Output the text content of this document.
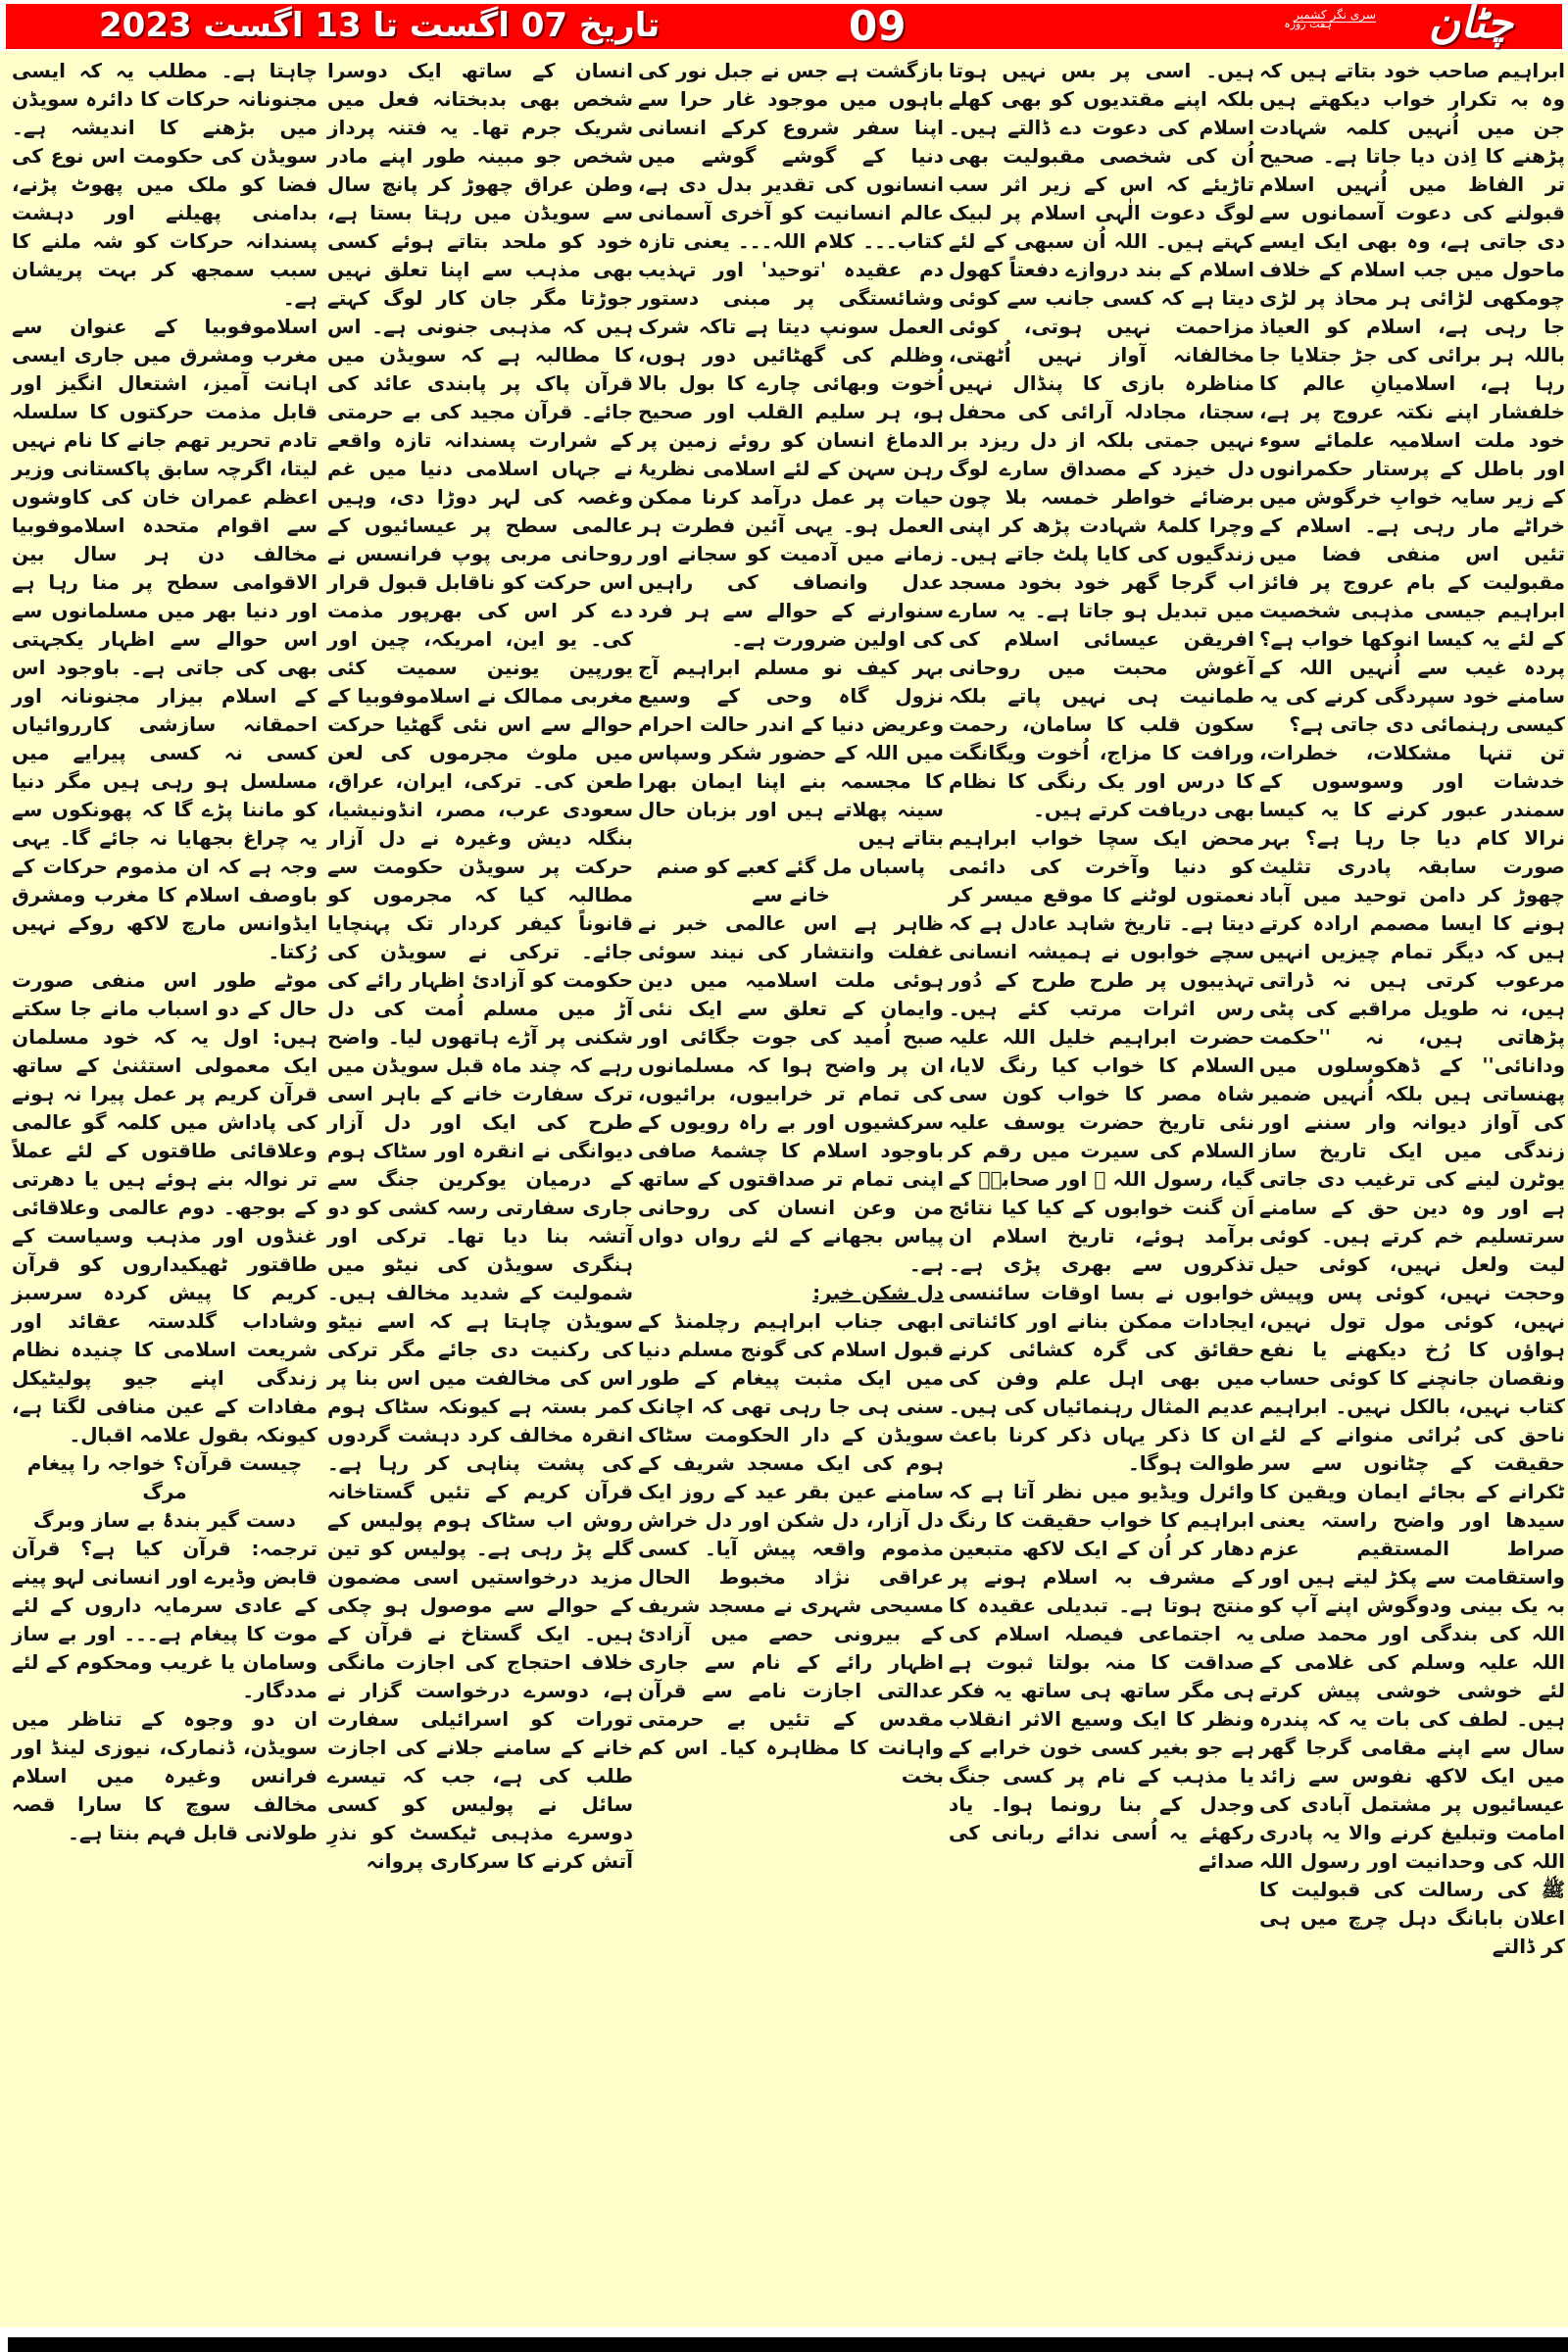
تاریخ 07 اگست تا 13 اگست 2023	09	چٹان
ہفت روزہ
سری نگر کشمیر

ابراہیم صاحب خود بتاتے ہیں کہ وہ بہ تکرار خواب دیکھتے ہیں جن میں اُنہیں کلمہ شہادت پڑھنے کا اِذن دیا جاتا ہے۔ صحیح تر الفاظ میں اُنہیں اسلام قبولنے کی دعوت آسمانوں سے دی جاتی ہے، وہ بھی ایک ایسے ماحول میں جب اسلام کے خلاف چومکھی لڑائی ہر محاذ پر لڑی جا رہی ہے، اسلام کو العیاذ باللہ ہر برائی کی جڑ جتلایا جا رہا ہے، اسلامیانِ عالم کا خلفشار اپنے نکتہ عروج پر ہے، خود ملت اسلامیہ علمائے سوء اور باطل کے پرستار حکمرانوں کے زیر سایہ خوابِ خرگوش میں خراٹے مار رہی ہے۔ اسلام کے تئیں اس منفی فضا میں مقبولیت کے بام عروج پر فائز ابراہیم جیسی مذہبی شخصیت کے لئے یہ کیسا انوکھا خواب ہے؟ پردہ غیب سے اُنہیں اللہ کے سامنے خود سپردگی کرنے کی یہ کیسی رہنمائی دی جاتی ہے؟

تن تنہا مشکلات، خطرات، خدشات اور وسوسوں کے سمندر عبور کرنے کا یہ کیسا نرالا کام دیا جا رہا ہے؟ بہر صورت سابقہ پادری تثلیث چھوڑ کر دامن توحید میں آباد ہونے کا ایسا مصمم ارادہ کرتے ہیں کہ دیگر تمام چیزیں انہیں مرعوب کرتی ہیں نہ ڈراتی ہیں، نہ طویل مراقبے کی پٹی پڑھاتی ہیں، نہ ''حکمت ودانائی'' کے ڈھکوسلوں میں پھنساتی ہیں بلکہ اُنہیں ضمیر کی آواز دیوانہ وار سننے اور زندگی میں ایک تاریخ ساز یوٹرن لینے کی ترغیب دی جاتی ہے اور وہ دین حق کے سامنے سرتسلیم خم کرتے ہیں۔ کوئی لیت ولعل نہیں، کوئی حیل وحجت نہیں، کوئی پس وپیش نہیں، کوئی مول تول نہیں، ہواؤں کا رُخ دیکھنے یا نفع ونقصان جانچنے کا کوئی حساب کتاب نہیں، بالکل نہیں۔ ابراہیم ناحق کی بُرائی منوانے کے لئے حقیقت کے چٹانوں سے سر ٹکرانے کے بجائے ایمان ویقین کا سیدھا اور واضح راستہ یعنی صراط المستقیم عزم واستقامت سے پکڑ لیتے ہیں اور بہ یک بینی ودوگوش اپنے آپ کو اللہ کی بندگی اور محمد صلی اللہ علیہ وسلم کی غلامی کے لئے خوشی خوشی پیش کرتے ہیں۔ لطف کی بات یہ کہ پندرہ سال سے اپنے مقامی گرجا گھر میں ایک لاکھ نفوس سے زائد عیسائیوں پر مشتمل آبادی کی امامت وتبلیغ کرنے والا یہ پادری اللہ کی وحدانیت اور رسول اللہ ﷺ کی رسالت کی قبولیت کا اعلان بابانگ دہل چرچ میں ہی کر ڈالتے

ہیں۔ اسی پر بس نہیں ہوتا بلکہ اپنے مقتدیوں کو بھی کھلے اسلام کی دعوت دے ڈالتے ہیں۔ اُن کی شخصی مقبولیت بھی تاڑیئے کہ اس کے زیر اثر سب لوگ دعوت الٰہی اسلام پر لبیک کہتے ہیں۔ اللہ اُن سبھی کے لئے اسلام کے بند دروازے دفعتاً کھول دیتا ہے کہ کسی جانب سے کوئی مزاحمت نہیں ہوتی، کوئی مخالفانہ آواز نہیں اُٹھتی، مناظرہ بازی کا پنڈال نہیں سجتا، مجادلہ آرائی کی محفل نہیں جمتی بلکہ از دل ریزد بر دل خیزد کے مصداق سارے لوگ برضائے خواطر خمسہ بلا چون وچرا کلمۂ شہادت پڑھ کر اپنی زندگیوں کی کایا پلٹ جاتے ہیں۔ اب گرجا گھر خود بخود مسجد میں تبدیل ہو جاتا ہے۔ یہ سارے افریقن عیسائی اسلام کی آغوش محبت میں روحانی طمانیت ہی نہیں پاتے بلکہ سکون قلب کا سامان، رحمت ورافت کا مزاج، اُخوت ویگانگت کا درس اور یک رنگی کا نظام بھی دریافت کرتے ہیں۔

محض ایک سچا خواب ابراہیم کو دنیا وآخرت کی دائمی نعمتوں لوٹنے کا موقع میسر کر دیتا ہے۔ تاریخ شاہد عادل ہے کہ سچے خوابوں نے ہمیشہ انسانی تہذیبوں پر طرح طرح کے دُور رس اثرات مرتب کئے ہیں۔ حضرت ابراہیم خلیل اللہ علیہ السلام کا خواب کیا رنگ لایا، شاہ مصر کا خواب کون سی نئی تاریخ حضرت یوسف علیہ السلام کی سیرت میں رقم کر گیا، رسول اللہ ﷺ اور صحابہؓ کے اَن گنت خوابوں کے کیا کیا نتائج برآمد ہوئے، تاریخ اسلام ان تذکروں سے بھری پڑی ہے۔ خوابوں نے بسا اوقات سائنسی ایجادات ممکن بنانے اور کائناتی حقائق کی گرہ کشائی کرنے میں بھی اہل علم وفن کی عدیم المثال رہنمائیاں کی ہیں۔ ان کا ذکر یہاں ذکر کرنا باعث طوالت ہوگا۔

وائرل ویڈیو میں نظر آتا ہے کہ ابراہیم کا خواب حقیقت کا رنگ دھار کر اُن کے ایک لاکھ متبعین کے مشرف بہ اسلام ہونے پر منتج ہوتا ہے۔ تبدیلی عقیدہ کا یہ اجتماعی فیصلہ اسلام کی صداقت کا منہ بولتا ثبوت ہے ہی مگر ساتھ ہی ساتھ یہ فکر ونظر کا ایک وسیع الاثر انقلاب ہے جو بغیر کسی خون خرابے کے یا مذہب کے نام پر کسی جنگ وجدل کے بنا رونما ہوا۔ یاد رکھئے یہ اُسی ندائے ربانی کی صدائے

بازگشت ہے جس نے جبل نور کی باہوں میں موجود غار حرا سے اپنا سفر شروع کرکے انسانی دنیا کے گوشے گوشے میں انسانوں کی تقدیر بدل دی ہے، عالم انسانیت کو آخری آسمانی کتاب۔۔۔ کلام اللہ۔۔۔ یعنی تازہ دم عقیدہ 'توحید' اور تہذیب وشائستگی پر مبنی دستور العمل سونپ دیتا ہے تاکہ شرک وظلم کی گھٹائیں دور ہوں، اُخوت وبھائی چارے کا بول بالا ہو، ہر سلیم القلب اور صحیح الدماغ انسان کو روئے زمین پر رہن سہن کے لئے اسلامی نظریۂ حیات پر عمل درآمد کرنا ممکن العمل ہو۔ یہی آئین فطرت ہر زمانے میں آدمیت کو سجانے اور عدل وانصاف کی راہیں سنوارنے کے حوالے سے ہر فرد کی اولین ضرورت ہے۔

بہر کیف نو مسلم ابراہیم آج نزول گاہ وحی کے وسیع وعریض دنیا کے اندر حالت احرام میں اللہ کے حضور شکر وسپاس کا مجسمہ بنے اپنا ایمان بھرا سینہ پھلاتے ہیں اور بزبان حال بتاتے ہیں

پاسباں مل گئے کعبے کو صنم خانے سے

ظاہر ہے اس عالمی خبر نے غفلت وانتشار کی نیند سوئی ہوئی ملت اسلامیہ میں دین وایمان کے تعلق سے ایک نئی صبح اُمید کی جوت جگائی اور ان پر واضح ہوا کہ مسلمانوں کی تمام تر خرابیوں، برائیوں، سرکشیوں اور بے راہ رویوں کے باوجود اسلام کا چشمۂ صافی اپنی تمام تر صداقتوں کے ساتھ من وعن انسان کی روحانی پیاس بجھانے کے لئے رواں دواں ہے۔

دل شکن خبر:

ابھی جناب ابراہیم رچلمنڈ کے قبول اسلام کی گونج مسلم دنیا میں ایک مثبت پیغام کے طور سنی ہی جا رہی تھی کہ اچانک سویڈن کے دار الحکومت سٹاک ہوم کی ایک مسجد شریف کے سامنے عین بقر عید کے روز ایک دل آزار، دل شکن اور دل خراش مذموم واقعہ پیش آیا۔ کسی عراقی نژاد مخبوط الحال مسیحی شہری نے مسجد شریف کے بیرونی حصے میں آزادیٔ اظہار رائے کے نام سے جاری عدالتی اجازت نامے سے قرآن مقدس کے تئیں بے حرمتی واہانت کا مظاہرہ کیا۔ اس کم بخت

انسان کے ساتھ ایک دوسرا شخص بھی بدبختانہ فعل میں شریک جرم تھا۔ یہ فتنہ پرداز شخص جو مبینہ طور اپنے مادر وطن عراق چھوڑ کر پانچ سال سے سویڈن میں رہتا بستا ہے، خود کو ملحد بتاتے ہوئے کسی بھی مذہب سے اپنا تعلق نہیں جوڑتا مگر جان کار لوگ کہتے ہیں کہ مذہبی جنونی ہے۔ اس کا مطالبہ ہے کہ سویڈن میں قرآن پاک پر پابندی عائد کی جائے۔ قرآن مجید کی بے حرمتی کے شرارت پسندانہ تازہ واقعے نے جہاں اسلامی دنیا میں غم وغصہ کی لہر دوڑا دی، وہیں عالمی سطح پر عیسائیوں کے روحانی مربی پوپ فرانسس نے اس حرکت کو ناقابل قبول قرار دے کر اس کی بھرپور مذمت کی۔ یو این، امریکہ، چین اور یورپین یونین سمیت کئی مغربی ممالک نے اسلاموفوبیا کے حوالے سے اس نئی گھٹیا حرکت میں ملوث مجرموں کی لعن طعن کی۔ ترکی، ایران، عراق، سعودی عرب، مصر، انڈونیشیا، بنگلہ دیش وغیرہ نے دل آزار حرکت پر سویڈن حکومت سے مطالبہ کیا کہ مجرموں کو قانوناً کیفر کردار تک پہنچایا جائے۔ ترکی نے سویڈن کی حکومت کو آزادیٔ اظہار رائے کی آڑ میں مسلم اُمت کی دل شکنی پر آڑے ہاتھوں لیا۔ واضح رہے کہ چند ماہ قبل سویڈن میں ترک سفارت خانے کے باہر اسی طرح کی ایک اور دل آزار دیوانگی نے انقرہ اور سٹاک ہوم کے درمیان یوکرین جنگ سے جاری سفارتی رسہ کشی کو دو آتشہ بنا دیا تھا۔ ترکی اور ہنگری سویڈن کی نیٹو میں شمولیت کے شدید مخالف ہیں۔ سویڈن چاہتا ہے کہ اسے نیٹو کی رکنیت دی جائے مگر ترکی اس کی مخالفت میں اس بنا پر کمر بستہ ہے کیونکہ سٹاک ہوم انقرہ مخالف کرد دہشت گردوں کی پشت پناہی کر رہا ہے۔ قرآن کریم کے تئیں گستاخانہ روش اب سٹاک ہوم پولیس کے گلے پڑ رہی ہے۔ پولیس کو تین مزید درخواستیں اسی مضمون کے حوالے سے موصول ہو چکی ہیں۔ ایک گستاخ نے قرآن کے خلاف احتجاج کی اجازت مانگی ہے، دوسرے درخواست گزار نے تورات کو اسرائیلی سفارت خانے کے سامنے جلانے کی اجازت طلب کی ہے، جب کہ تیسرے سائل نے پولیس کو کسی دوسرے مذہبی ٹیکسٹ کو نذرِ آتش کرنے کا سرکاری پروانہ

چاہتا ہے۔ مطلب یہ کہ ایسی مجنونانہ حرکات کا دائرہ سویڈن میں بڑھنے کا اندیشہ ہے۔ سویڈن کی حکومت اس نوع کی فضا کو ملک میں پھوٹ پڑنے، بدامنی پھیلنے اور دہشت پسندانہ حرکات کو شہ ملنے کا سبب سمجھ کر بہت پریشان ہے۔

اسلاموفوبیا کے عنوان سے مغرب ومشرق میں جاری ایسی اہانت آمیز، اشتعال انگیز اور قابل مذمت حرکتوں کا سلسلہ تادم تحریر تھم جانے کا نام نہیں لیتا، اگرچہ سابق پاکستانی وزیر اعظم عمران خان کی کاوشوں سے اقوام متحدہ اسلاموفوبیا مخالف دن ہر سال بین الاقوامی سطح پر منا رہا ہے اور دنیا بھر میں مسلمانوں سے اس حوالے سے اظہار یکجہتی بھی کی جاتی ہے۔ باوجود اس کے اسلام بیزار مجنونانہ اور احمقانہ سازشی کارروائیاں کسی نہ کسی پیرایے میں مسلسل ہو رہی ہیں مگر دنیا کو ماننا پڑے گا کہ پھونکوں سے یہ چراغ بجھایا نہ جائے گا۔ یہی وجہ ہے کہ ان مذموم حرکات کے باوصف اسلام کا مغرب ومشرق ایڈوانس مارچ لاکھ روکے نہیں رُکتا۔

موٹے طور اس منفی صورت حال کے دو اسباب مانے جا سکتے ہیں: اول یہ کہ خود مسلمان ایک معمولی استثنیٰ کے ساتھ قرآن کریم پر عمل پیرا نہ ہونے کی پاداش میں کلمہ گو عالمی وعلاقائی طاقتوں کے لئے عملاً تر نوالہ بنے ہوئے ہیں یا دھرتی کے بوجھ۔ دوم عالمی وعلاقائی غنڈوں اور مذہب وسیاست کے طاقتور ٹھیکیداروں کو قرآن کریم کا پیش کردہ سرسبز وشاداب گلدستہ عقائد اور شریعت اسلامی کا چنیدہ نظام زندگی اپنے جیو پولیٹیکل مفادات کے عین منافی لگتا ہے، کیونکہ بقول علامہ اقبال۔

چیست قرآن؟ خواجہ را پیغام مرگ

دست گیر بندۂ بے ساز وبرگ

ترجمہ: قرآن کیا ہے؟ قرآن قابض وڈیرے اور انسانی لہو پینے کے عادی سرمایہ داروں کے لئے موت کا پیغام ہے۔۔۔ اور بے ساز وسامان یا غریب ومحکوم کے لئے مددگار۔

ان دو وجوہ کے تناظر میں سویڈن، ڈنمارک، نیوزی لینڈ اور فرانس وغیرہ میں اسلام مخالف سوچ کا سارا قصہ طولانی قابل فہم بنتا ہے۔
